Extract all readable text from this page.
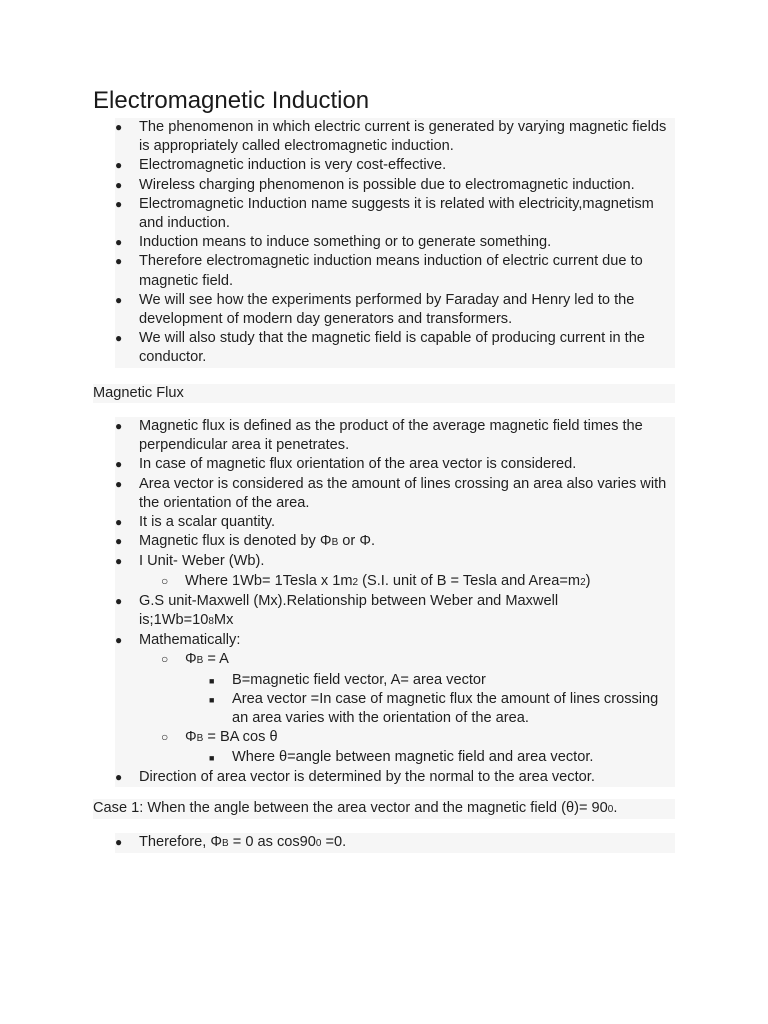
Electromagnetic Induction
● The phenomenon in which electric current is generated by varying magnetic fields is appropriately called electromagnetic induction.
● Electromagnetic induction is very cost-effective.
● Wireless charging phenomenon is possible due to electromagnetic induction.
● Electromagnetic Induction name suggests it is related with electricity,magnetism and induction.
● Induction means to induce something or to generate something.
● Therefore electromagnetic induction means induction of electric current due to magnetic field.
● We will see how the experiments performed by Faraday and Henry led to the development of modern day generators and transformers.
● We will also study that the magnetic field is capable of producing current in the conductor.
Magnetic Flux
● Magnetic flux is defined as the product of the average magnetic field times the perpendicular area it penetrates.
● In case of magnetic flux orientation of the area vector is considered.
● Area vector is considered as the amount of lines crossing an area also varies with the orientation of the area.
● It is a scalar quantity.
● Magnetic flux is denoted by ΦB or Φ.
● I Unit- Weber (Wb).
○ Where 1Wb= 1Tesla x 1m2 (S.I. unit of B = Tesla and Area=m2)
● G.S unit-Maxwell (Mx).Relationship between Weber and Maxwell
is;1Wb=108Mx
● Mathematically:
○ ΦB = A
■	B=magnetic field vector, A= area vector
■	Area vector =In case of magnetic flux the amount of lines crossing an area varies with the orientation of the area.
○ ΦB = BA cos θ
■	Where θ=angle between magnetic field and area vector.
● Direction of area vector is determined by the normal to the area vector.
Case 1: When the angle between the area vector and the magnetic field (θ)= 900.
● Therefore, ΦB = 0 as cos900 =0.
